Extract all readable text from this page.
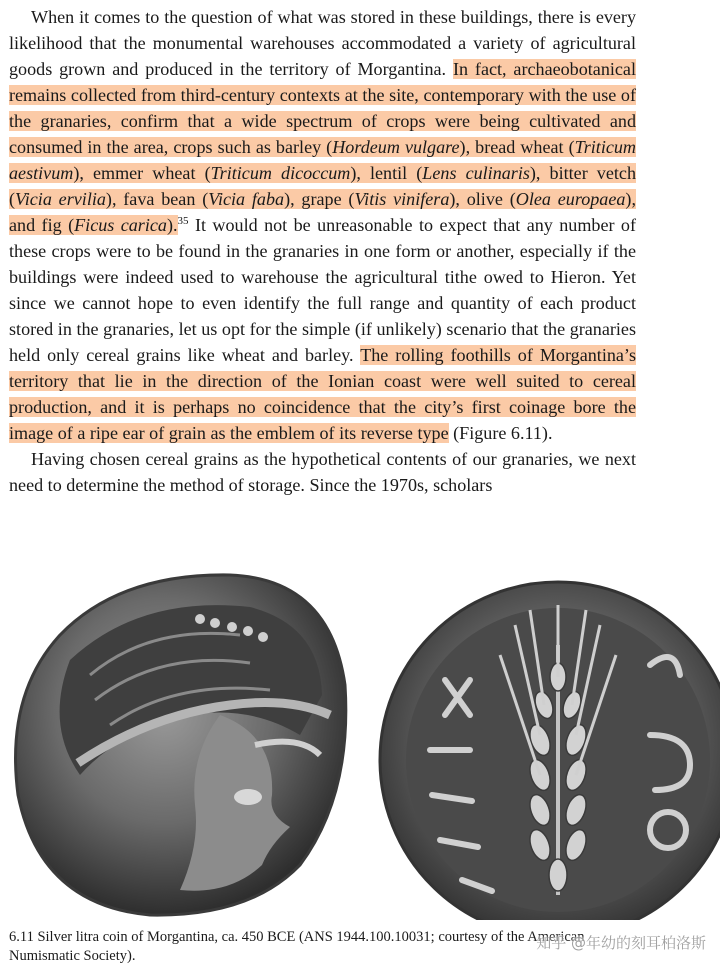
When it comes to the question of what was stored in these buildings, there is every likelihood that the monumental warehouses accommodated a variety of agricultural goods grown and produced in the territory of Morgantina. In fact, archaeobotanical remains collected from third-century contexts at the site, contemporary with the use of the granaries, confirm that a wide spectrum of crops were being cultivated and consumed in the area, crops such as barley (Hordeum vulgare), bread wheat (Triticum aestivum), emmer wheat (Triticum dicoccum), lentil (Lens culinaris), bitter vetch (Vicia ervilia), fava bean (Vicia faba), grape (Vitis vinifera), olive (Olea europaea), and fig (Ficus carica).$^{35}$ It would not be unreasonable to expect that any number of these crops were to be found in the granaries in one form or another, especially if the buildings were indeed used to warehouse the agricultural tithe owed to Hieron. Yet since we cannot hope to even identify the full range and quantity of each product stored in the granaries, let us opt for the simple (if unlikely) scenario that the granaries held only cereal grains like wheat and barley. The rolling foothills of Morgantina’s territory that lie in the direction of the Ionian coast were well suited to cereal production, and it is perhaps no coincidence that the city’s first coinage bore the image of a ripe ear of grain as the emblem of its reverse type (Figure 6.11).

Having chosen cereal grains as the hypothetical contents of our granaries, we next need to determine the method of storage. Since the 1970s, scholars

6.11 Silver litra coin of Morgantina, ca. 450 BCE (ANS 1944.100.10031; courtesy of the American Numismatic Society).

知乎 @年幼的刻耳柏洛斯
